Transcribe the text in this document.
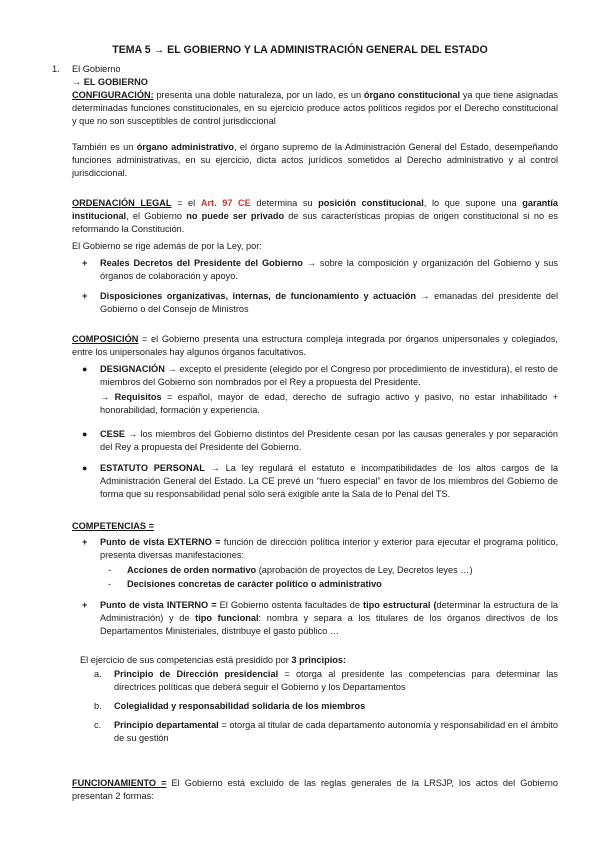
TEMA 5 → EL GOBIERNO Y LA ADMINISTRACIÓN GENERAL DEL ESTADO
1. El Gobierno
→ EL GOBIERNO
CONFIGURACIÓN: presenta una doble naturaleza, por un lado, es un órgano constitucional ya que tiene asignadas determinadas funciones constitucionales, en su ejercicio produce actos políticos regidos por el Derecho constitucional y que no son susceptibles de control jurisdiccional
También es un órgano administrativo, el órgano supremo de la Administración General del Estado, desempeñando funciones administrativas, en su ejercicio, dicta actos jurídicos sometidos al Derecho administrativo y al control jurisdiccional.
ORDENACIÓN LEGAL = el Art. 97 CE determina su posición constitucional, lo que supone una garantía institucional, el Gobierno no puede ser privado de sus características propias de origen constitucional si no es reformando la Constitución.
El Gobierno se rige además de por la Ley, por:
+ Reales Decretos del Presidente del Gobierno → sobre la composición y organización del Gobierno y sus órganos de colaboración y apoyo.
+ Disposiciones organizativas, internas, de funcionamiento y actuación → emanadas del presidente del Gobierno o del Consejo de Ministros
COMPOSICIÓN = el Gobierno presenta una estructura compleja integrada por órganos unipersonales y colegiados, entre los unipersonales hay algunos órganos facultativos.
● DESIGNACIÓN → excepto el presidente (elegido por el Congreso por procedimiento de investidura), el resto de miembros del Gobierno son nombrados por el Rey a propuesta del Presidente.
→ Requisitos = español, mayor de edad, derecho de sufragio activo y pasivo, no estar inhabilitado + honorabilidad, formación y experiencia.
● CESE → los miembros del Gobierno distintos del Presidente cesan por las causas generales y por separación del Rey a propuesta del Presidente del Gobierno.
● ESTATUTO PERSONAL → La ley regulará el estatuto e incompatibilidades de los altos cargos de la Administración General del Estado. La CE prevé un “fuero especial” en favor de los miembros del Gobierno de forma que su responsabilidad penal sólo será exigible ante la Sala de lo Penal del TS.
COMPETENCIAS =
+ Punto de vista EXTERNO = función de dirección política interior y exterior para ejecutar el programa político, presenta diversas manifestaciones:
- Acciones de orden normativo (aprobación de proyectos de Ley, Decretos leyes …)
- Decisiones concretas de carácter político o administrativo
+ Punto de vista INTERNO = El Gobierno ostenta facultades de tipo estructural (determinar la estructura de la Administración) y de tipo funcional: nombra y separa a los titulares de los órganos directivos de los Departamentos Ministeriales, distribuye el gasto público …
El ejercicio de sus competencias está presidido por 3 principios:
a. Principio de Dirección presidencial = otorga al presidente las competencias para determinar las directrices políticas que deberá seguir el Gobierno y los Departamentos
b. Colegialidad y responsabilidad solidaria de los miembros
c. Principio departamental = otorga al titular de cada departamento autonomía y responsabilidad en el ámbito de su gestión
FUNCIONAMIENTO = El Gobierno está excluido de las reglas generales de la LRSJP, los actos del Gobierno presentan 2 formas:
